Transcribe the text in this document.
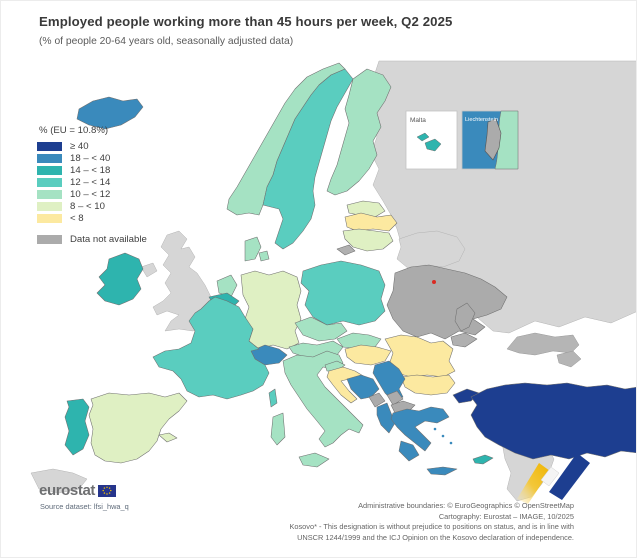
Employed people working more than 45 hours per week, Q2 2025
(% of people 20-64 years old, seasonally adjusted data)
Malta	Liechtenstein
% (EU = 10.8%)
≥ 40
18 – < 40
14 – < 18
12 – < 14
10 – < 12
8 – < 10
< 8
Data not available
eurostat
Source dataset: lfsi_hwa_q	Administrative boundaries: © EuroGeographics © OpenStreetMap
Cartography: Eurostat – IMAGE, 10/2025
Kosovo* - This designation is without prejudice to positions on status, and is in line with
UNSCR 1244/1999 and the ICJ Opinion on the Kosovo declaration of independence.
